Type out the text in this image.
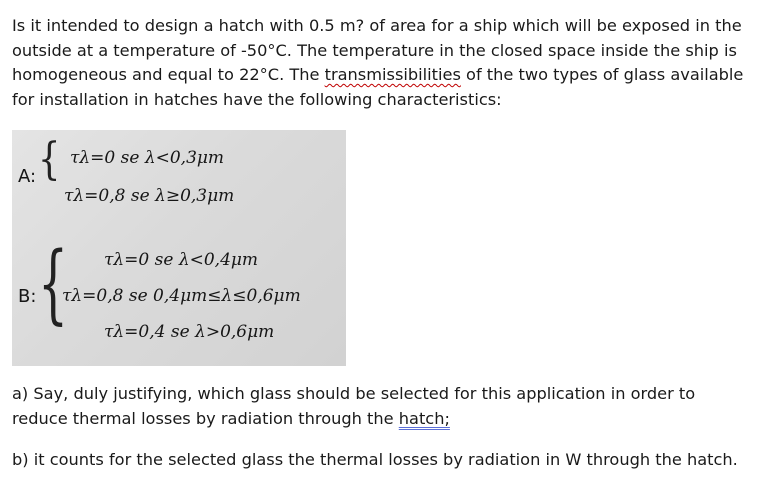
Is it intended to design a hatch with 0.5 m? of area for a ship which will be exposed in the outside at a temperature of -50°C. The temperature in the closed space inside the ship is homogeneous and equal to 22°C. The transmissibilities of the two types of glass available for installation in hatches have the following characteristics:

A: { τλ=0 se λ<0,3μm
τλ=0,8 se λ≥0,3μm
B: { τλ=0 se λ<0,4μm
τλ=0,8 se 0,4μm≤λ≤0,6μm
τλ=0,4 se λ>0,6μm

a) Say, duly justifying, which glass should be selected for this application in order to reduce thermal losses by radiation through the hatch;

b) it counts for the selected glass the thermal losses by radiation in W through the hatch.
